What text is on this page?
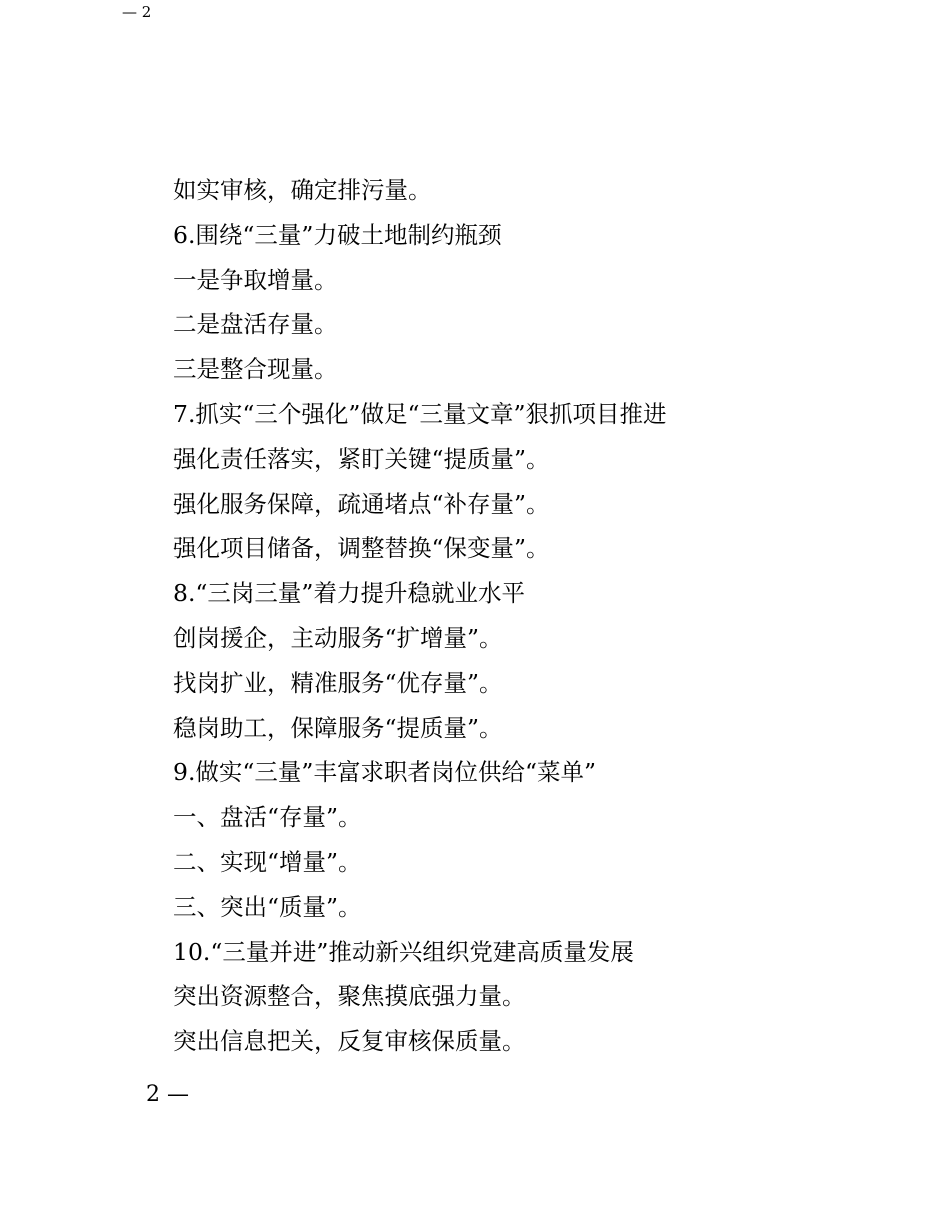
— 2
如实审核，确定排污量。
6.围绕“三量”力破土地制约瓶颈
一是争取增量。
二是盘活存量。
三是整合现量。
7.抓实“三个强化”做足“三量文章”狠抓项目推进
强化责任落实，紧盯关键“提质量”。
强化服务保障，疏通堵点“补存量”。
强化项目储备，调整替换“保变量”。
8.“三岗三量”着力提升稳就业水平
创岗援企，主动服务“扩增量”。
找岗扩业，精准服务“优存量”。
稳岗助工，保障服务“提质量”。
9.做实“三量”丰富求职者岗位供给“菜单”
一、盘活“存量”。
二、实现“增量”。
三、突出“质量”。
10.“三量并进”推动新兴组织党建高质量发展
突出资源整合，聚焦摸底强力量。
突出信息把关，反复审核保质量。
2 —
